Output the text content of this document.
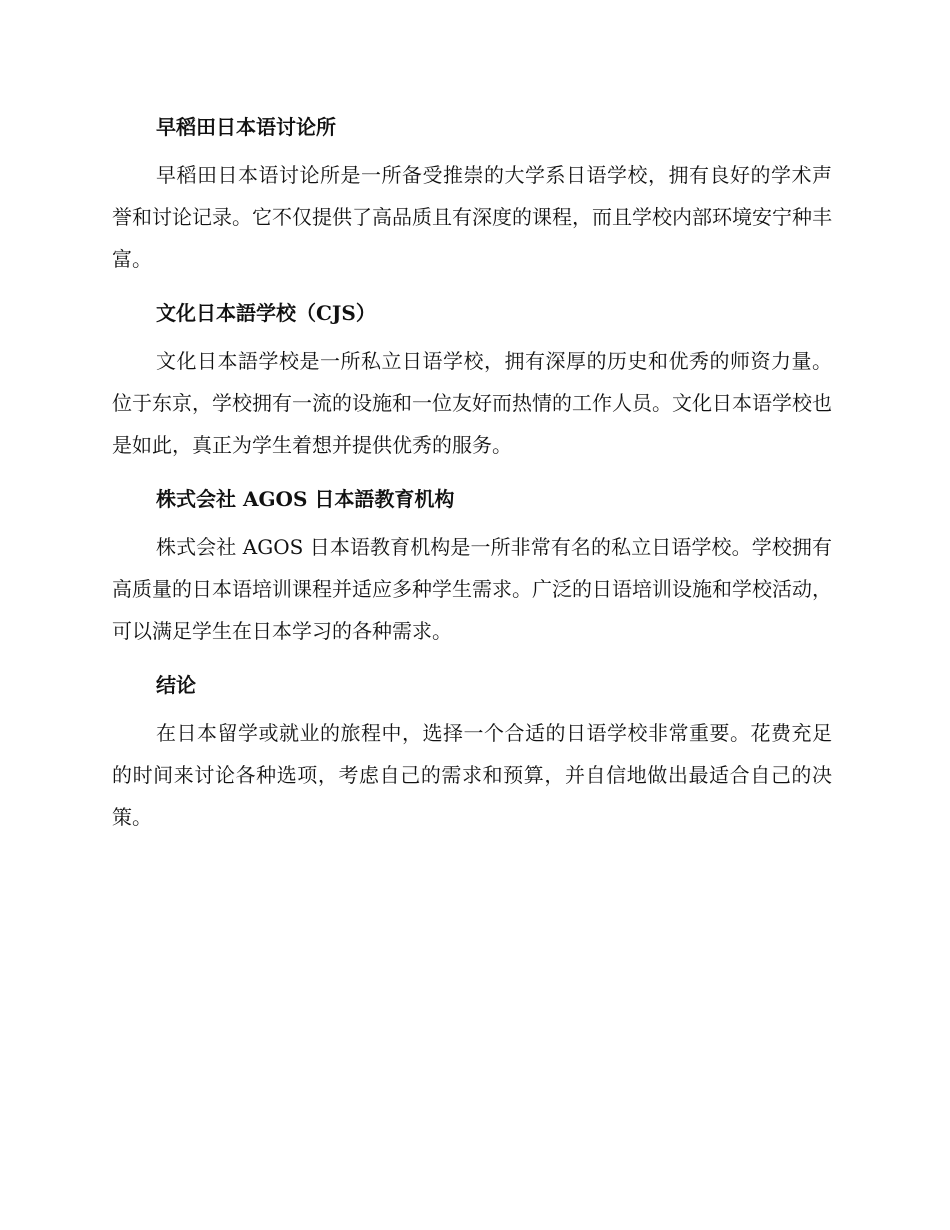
早稻田日本语讨论所

早稻田日本语讨论所是一所备受推崇的大学系日语学校，拥有良好的学术声誉和讨论记录。它不仅提供了高品质且有深度的课程，而且学校内部环境安宁种丰富。

文化日本語学校（CJS）

文化日本語学校是一所私立日语学校，拥有深厚的历史和优秀的师资力量。位于东京，学校拥有一流的设施和一位友好而热情的工作人员。文化日本语学校也是如此，真正为学生着想并提供优秀的服务。

株式会社 AGOS 日本語教育机构

株式会社 AGOS 日本语教育机构是一所非常有名的私立日语学校。学校拥有高质量的日本语培训课程并适应多种学生需求。广泛的日语培训设施和学校活动，可以满足学生在日本学习的各种需求。

结论

在日本留学或就业的旅程中，选择一个合适的日语学校非常重要。花费充足的时间来讨论各种选项，考虑自己的需求和预算，并自信地做出最适合自己的决策。
